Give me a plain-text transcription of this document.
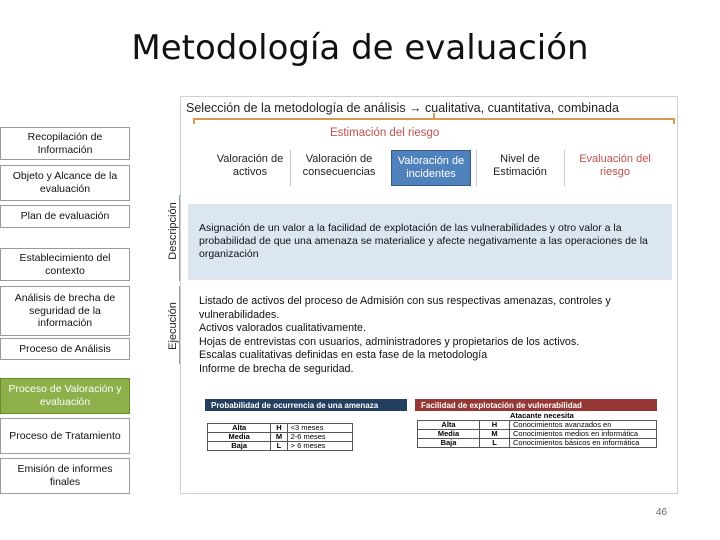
Metodología de evaluación
Selección de la metodología de análisis → cualitativa, cuantitativa, combinada
Estimación del riesgo
Recopilación de Información
Objeto y Alcance de la evaluación
Plan de evaluación
Establecimiento del contexto
Análisis de brecha de seguridad de la información
Proceso de Análisis
Proceso de Valoración y evaluación
Proceso de Tratamiento
Emisión de informes finales
Descripción
Ejecución
Valoración de activos
Valoración de consecuencias
Valoración de incidentes
Nivel de Estimación
Evaluación del riesgo
Asignación de un valor a la facilidad de explotación de las vulnerabilidades y otro valor a la probabilidad de que una amenaza se materialice y afecte negativamente a las operaciones de la organización
Listado de activos del proceso de Admisión con sus respectivas amenazas, controles y vulnerabilidades.
Activos valorados cualitativamente.
Hojas de entrevistas con usuarios, administradores y propietarios de los activos.
Escalas cualitativas definidas en esta fase de la metodología
Informe de brecha de seguridad.
Probabilidad de ocurrencia de una amenaza	Facilidad de explotación de vulnerabilidad
Alta	H	<3 meses
Media	M	2-6 meses
Baja	L	> 6 meses
Atacante necesita
Alta	H	Conocimientos avanzados en
Media	M	Conocimientos medios en informática
Baja	L	Conocimientos básicos en informática
46
